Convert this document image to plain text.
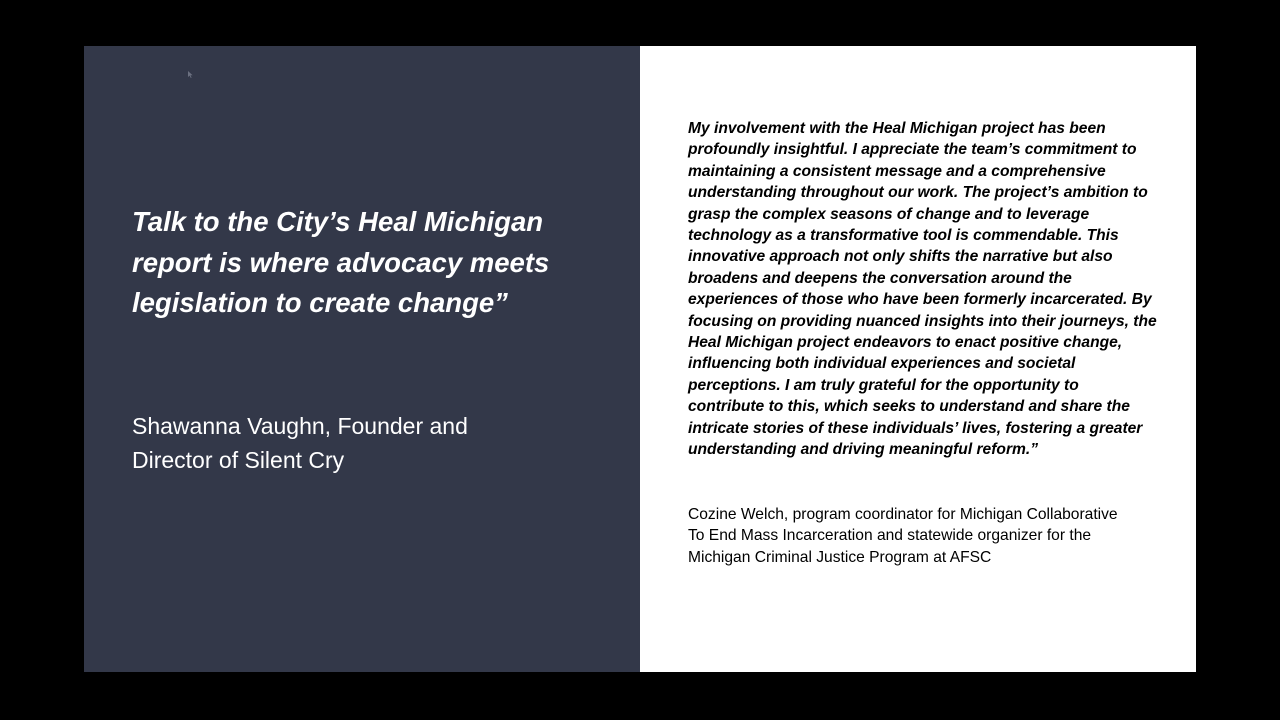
Talk to the City’s Heal Michigan report is where advocacy meets legislation to create change”

Shawanna Vaughn, Founder and Director of Silent Cry

My involvement with the Heal Michigan project has been profoundly insightful. I appreciate the team’s commitment to maintaining a consistent message and a comprehensive understanding throughout our work. The project’s ambition to grasp the complex seasons of change and to leverage technology as a transformative tool is commendable. This innovative approach not only shifts the narrative but also broadens and deepens the conversation around the experiences of those who have been formerly incarcerated. By focusing on providing nuanced insights into their journeys, the Heal Michigan project endeavors to enact positive change, influencing both individual experiences and societal perceptions. I am truly grateful for the opportunity to contribute to this, which seeks to understand and share the intricate stories of these individuals’ lives, fostering a greater understanding and driving meaningful reform.”

Cozine Welch, program coordinator for Michigan Collaborative To End Mass Incarceration and statewide organizer for the Michigan Criminal Justice Program at AFSC
